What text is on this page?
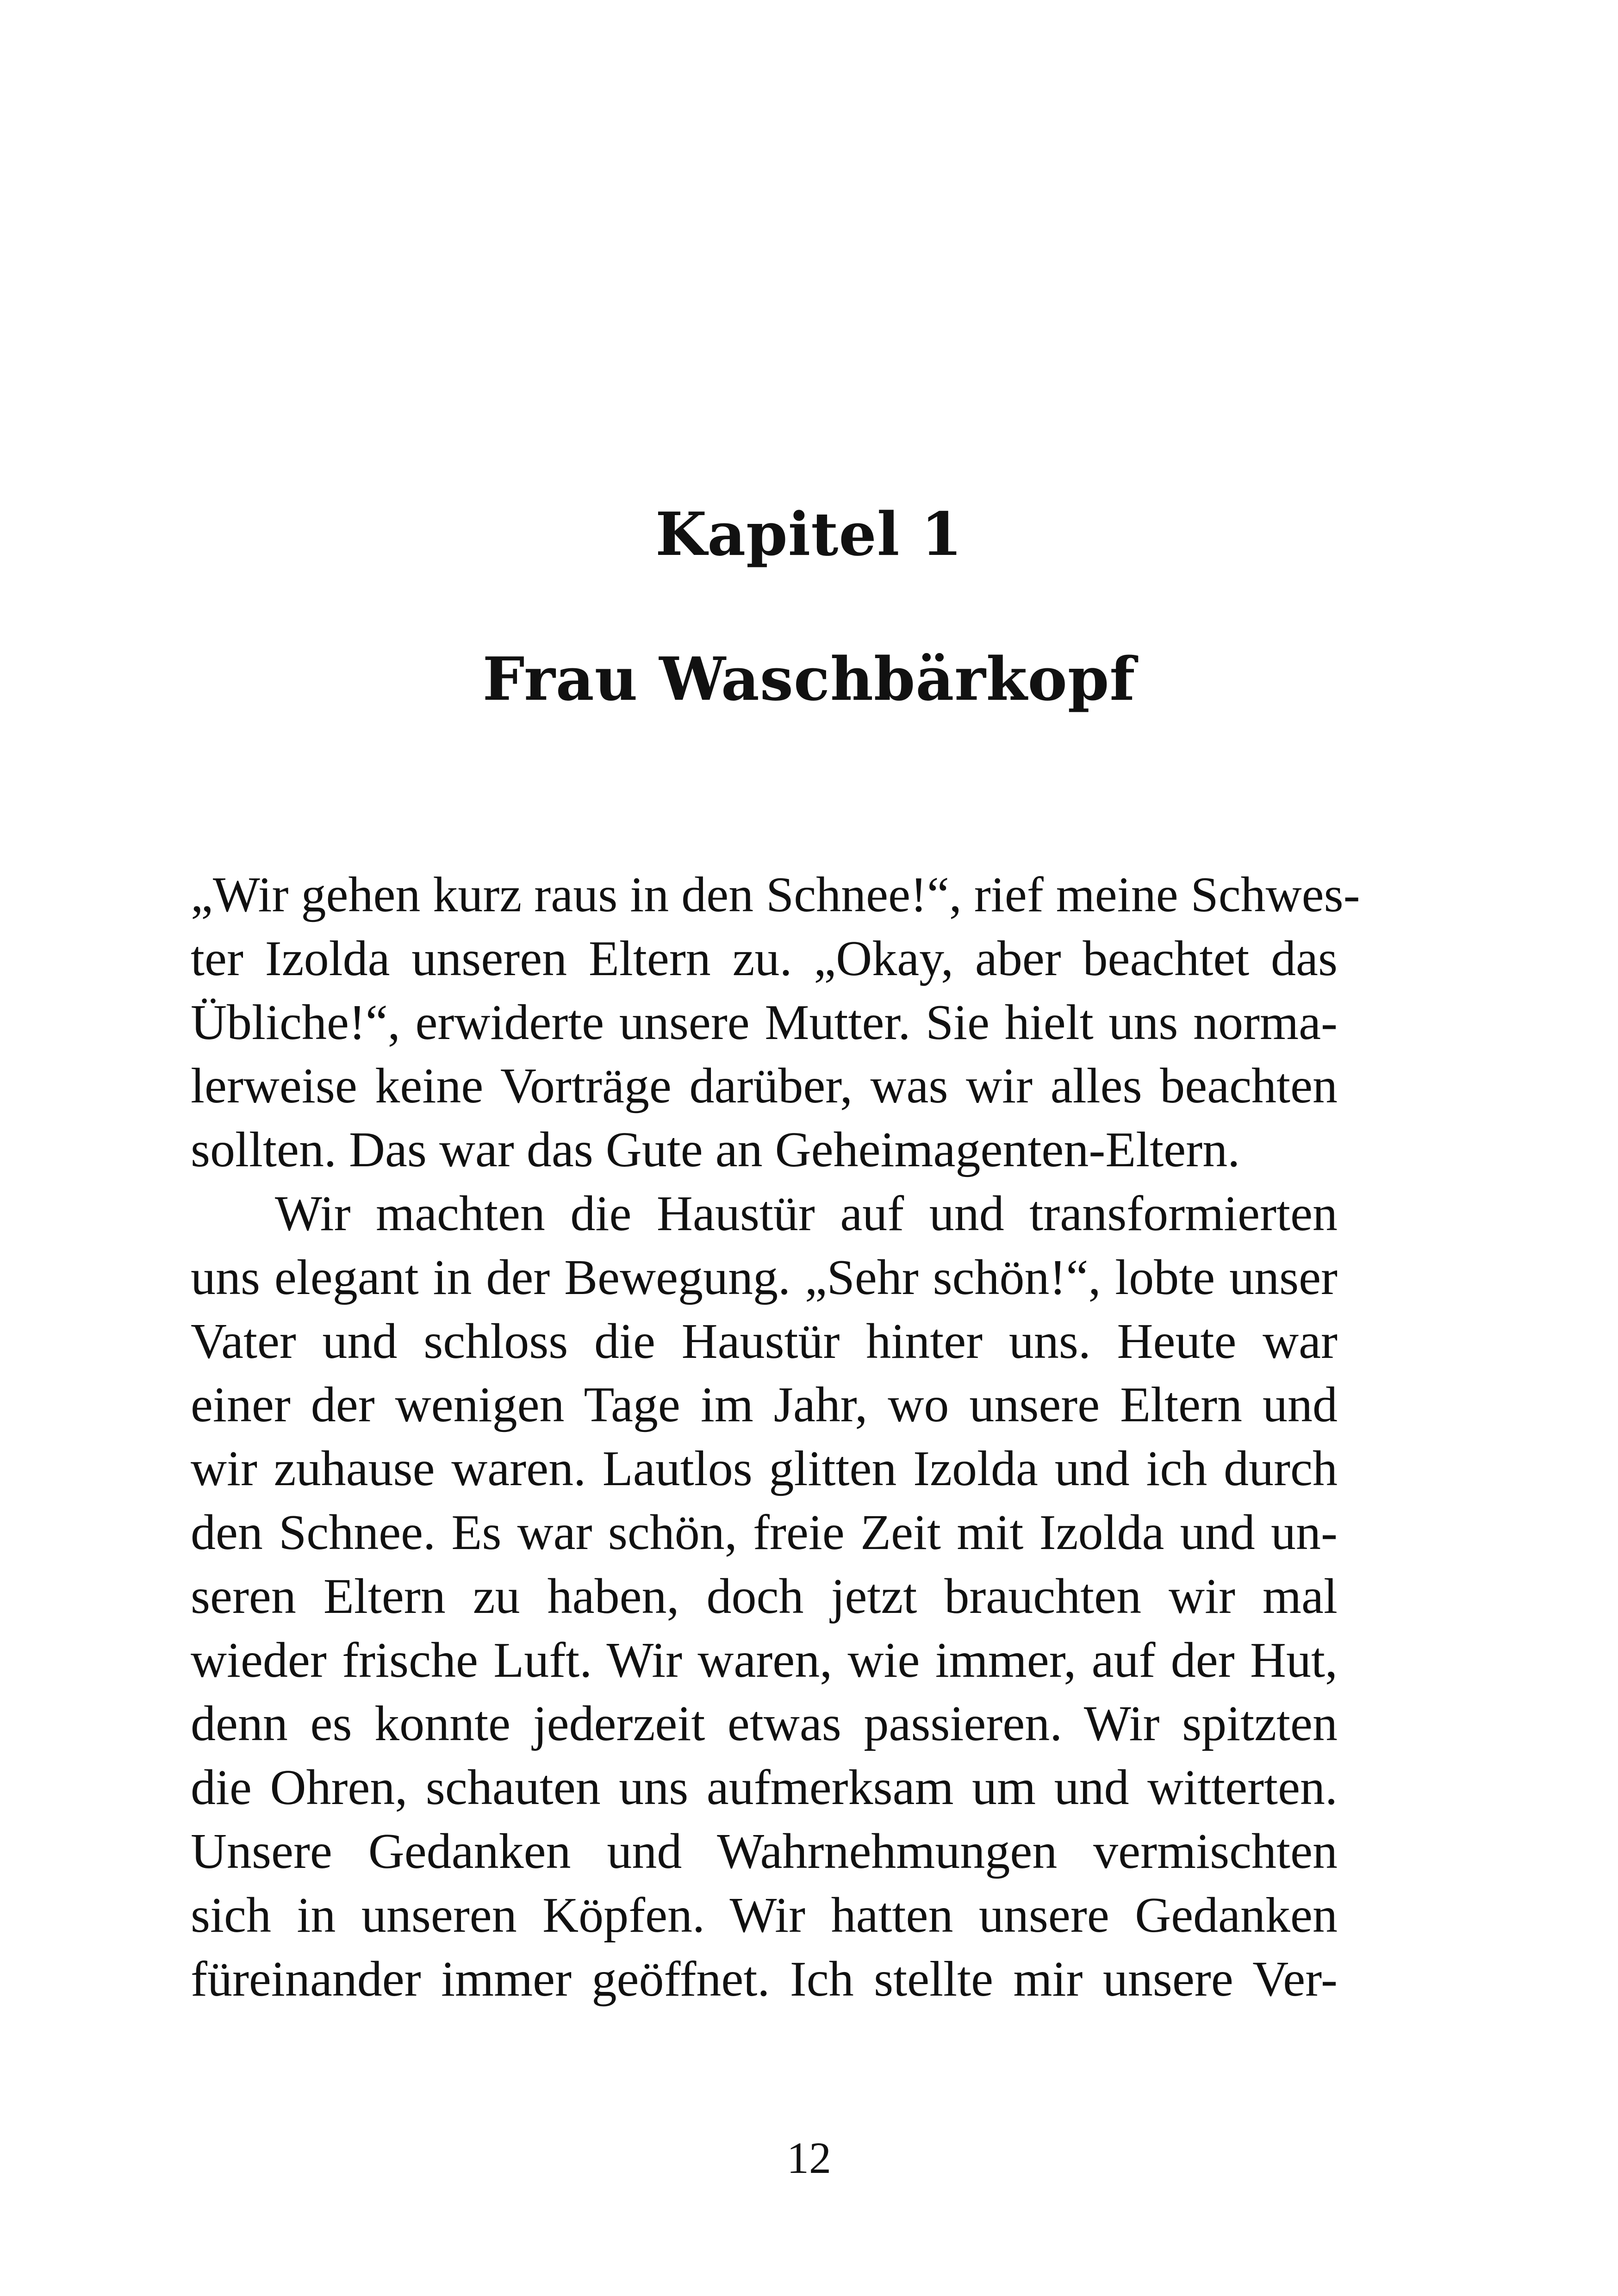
Kapitel 1
Frau Waschbärkopf
„Wir gehen kurz raus in den Schnee!“, rief meine Schwes-
ter Izolda unseren Eltern zu. „Okay, aber beachtet das
Übliche!“, erwiderte unsere Mutter. Sie hielt uns norma-
lerweise keine Vorträge darüber, was wir alles beachten
sollten. Das war das Gute an Geheimagenten-Eltern.
Wir machten die Haustür auf und transformierten
uns elegant in der Bewegung. „Sehr schön!“, lobte unser
Vater und schloss die Haustür hinter uns. Heute war
einer der wenigen Tage im Jahr, wo unsere Eltern und
wir zuhause waren. Lautlos glitten Izolda und ich durch
den Schnee. Es war schön, freie Zeit mit Izolda und un-
seren Eltern zu haben, doch jetzt brauchten wir mal
wieder frische Luft. Wir waren, wie immer, auf der Hut,
denn es konnte jederzeit etwas passieren. Wir spitzten
die Ohren, schauten uns aufmerksam um und witterten.
Unsere Gedanken und Wahrnehmungen vermischten
sich in unseren Köpfen. Wir hatten unsere Gedanken
füreinander immer geöffnet. Ich stellte mir unsere Ver-
12
